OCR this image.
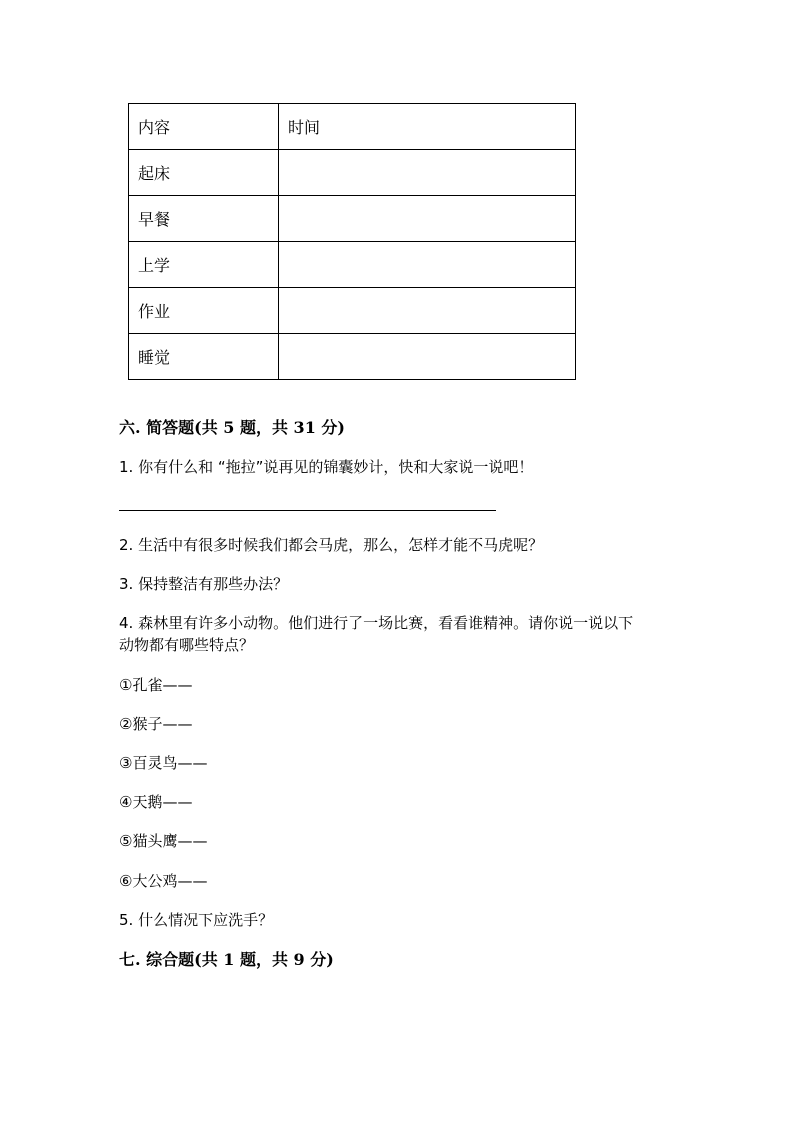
内容	时间
起床	
早餐	
上学	
作业	
睡觉	
六. 简答题(共 5 题，共 31 分)
1. 你有什么和 “拖拉”说再见的锦囊妙计，快和大家说一说吧！
2. 生活中有很多时候我们都会马虎，那么，怎样才能不马虎呢？
3. 保持整洁有那些办法？
4. 森林里有许多小动物。他们进行了一场比赛，看看谁精神。请你说一说以下
动物都有哪些特点？
①孔雀——
②猴子——
③百灵鸟——
④天鹅——
⑤猫头鹰——
⑥大公鸡——
5. 什么情况下应洗手？
七. 综合题(共 1 题，共 9 分)
